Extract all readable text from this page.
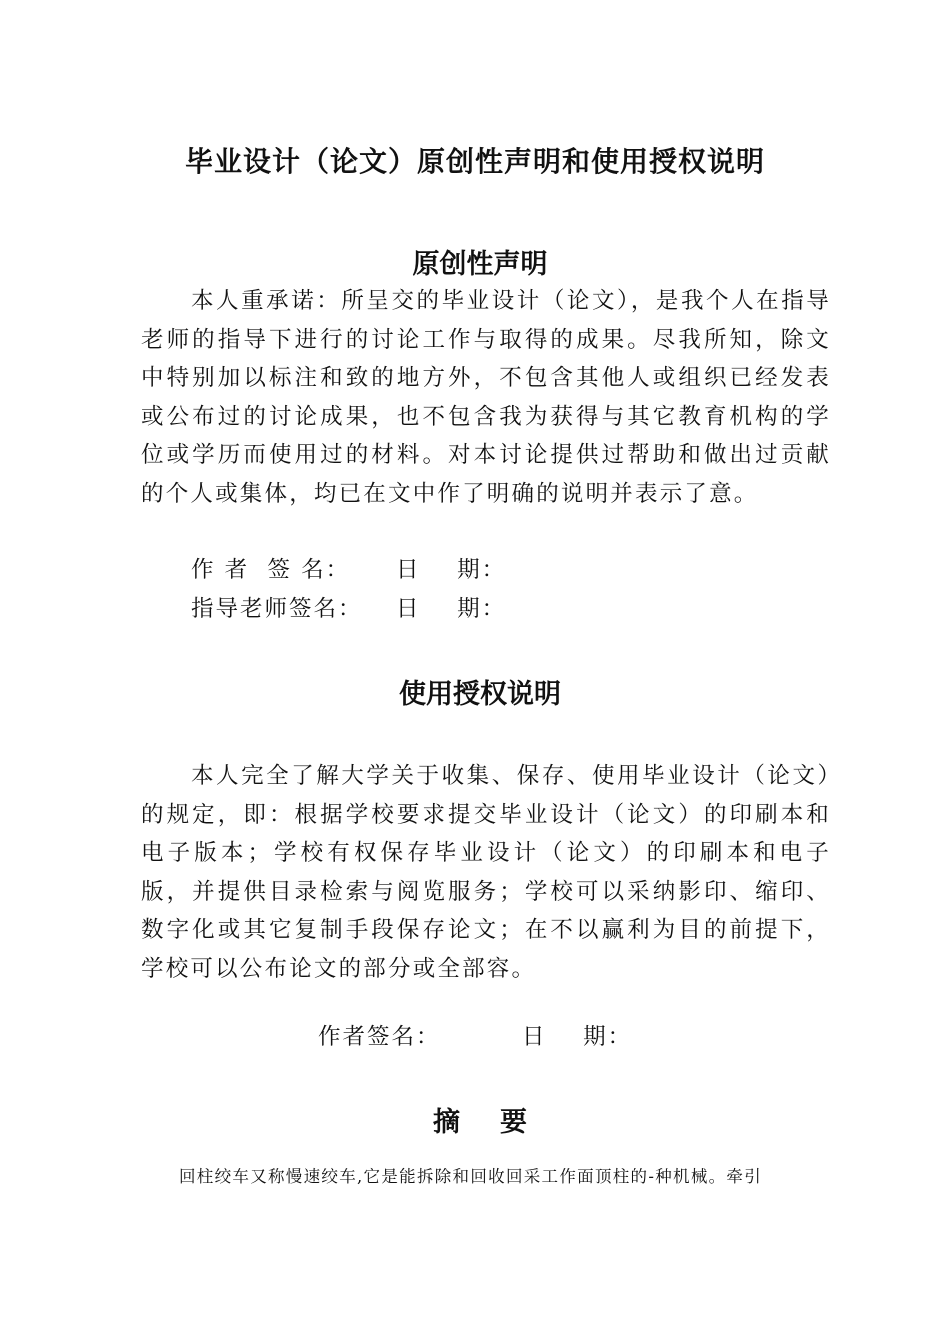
毕业设计（论文）原创性声明和使用授权说明
原创性声明
本人重承诺：所呈交的毕业设计（论文），是我个人在指导老师的指导下进行的讨论工作与取得的成果。尽我所知，除文中特别加以标注和致的地方外，不包含其他人或组织已经发表或公布过的讨论成果，也不包含我为获得与其它教育机构的学位或学历而使用过的材料。对本讨论提供过帮助和做出过贡献的个人或集体，均已在文中作了明确的说明并表示了意。
作 者  签 名： 日    期：
指导老师签名： 日    期：
使用授权说明
本人完全了解大学关于收集、保存、使用毕业设计（论文）的规定，即：根据学校要求提交毕业设计（论文）的印刷本和电子版本；学校有权保存毕业设计（论文）的印刷本和电子版，并提供目录检索与阅览服务；学校可以采纳影印、缩印、数字化或其它复制手段保存论文；在不以赢利为目的前提下，学校可以公布论文的部分或全部容。
作者签名：	日    期：
摘要
回柱绞车又称慢速绞车,它是能拆除和回收回采工作面顶柱的-种机械。牵引
